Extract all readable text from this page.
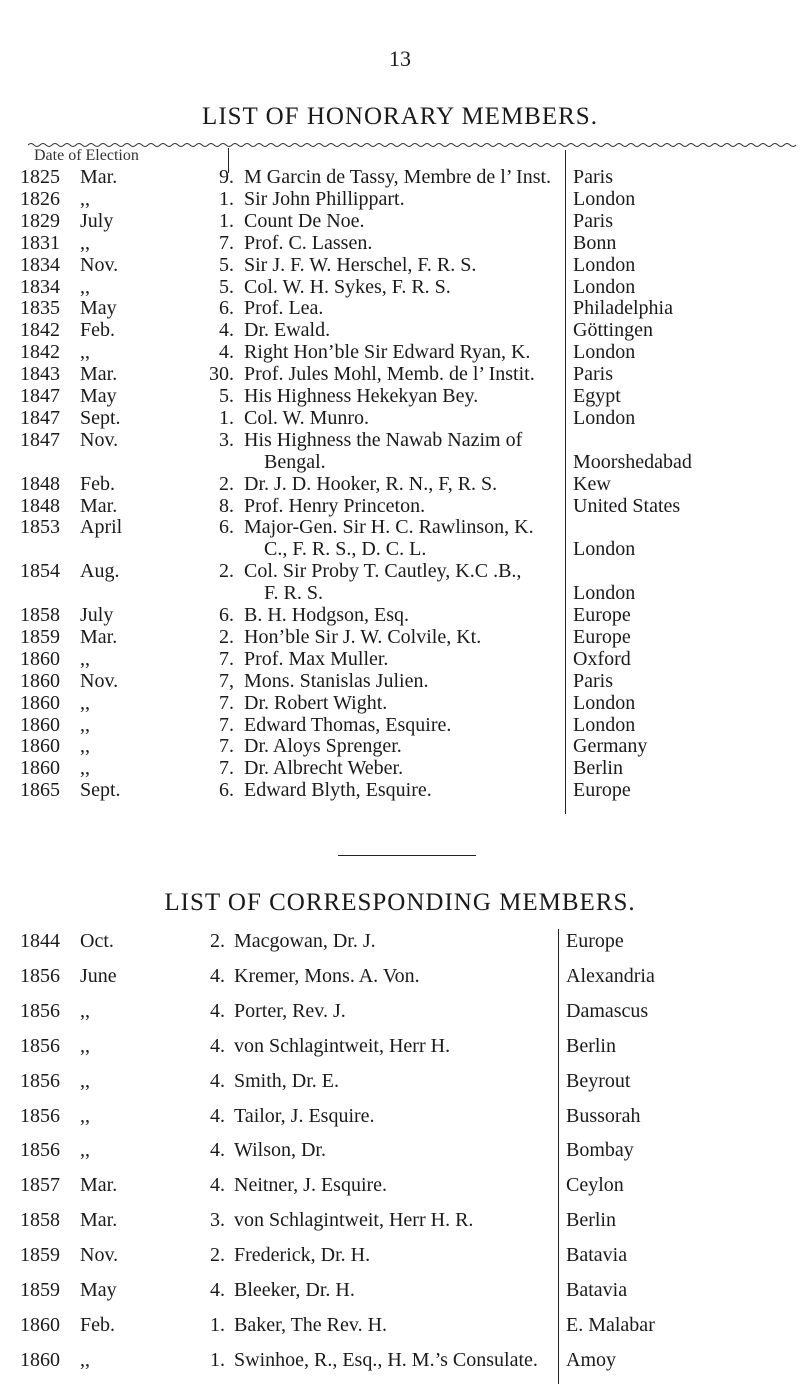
13
LIST OF HONORARY MEMBERS.
Date of Election
1825 Mar.	9. M Garcin de Tassy, Membre de l’ Inst. Paris
1826 ,,	1. Sir John Phillippart.	London
1829 July	1. Count De Noe.	Paris
1831 ,,	7. Prof. C. Lassen.	Bonn
1834 Nov.	5. Sir J. F. W. Herschel, F. R. S.	London
1834 ,,	5. Col. W. H. Sykes, F. R. S.	London
1835 May	6. Prof. Lea.	Philadelphia
1842 Feb.	4. Dr. Ewald.	Göttingen
1842 ,,	4. Right Hon’ble Sir Edward Ryan, K. London
1843 Mar.	30. Prof. Jules Mohl, Memb. de l’ Instit. Paris
1847 May	5. His Highness Hekekyan Bey.	Egypt
1847 Sept.	1. Col. W. Munro.	London
1847 Nov.	3. His Highness the Nawab Nazim of
Bengal.	Moorshedabad
1848 Feb.	2. Dr. J. D. Hooker, R. N., F, R. S.	Kew
1848 Mar.	8. Prof. Henry Princeton.	United States
1853 April	6. Major-Gen. Sir H. C. Rawlinson, K.
C., F. R. S., D. C. L.	London
1854 Aug.	2. Col. Sir Proby T. Cautley, K.C .B.,
F. R. S.	London
1858 July	6. B. H. Hodgson, Esq.	Europe
1859 Mar.	2. Hon’ble Sir J. W. Colvile, Kt.	Europe
1860 ,,	7. Prof. Max Muller.	Oxford
1860 Nov.	7, Mons. Stanislas Julien.	Paris
1860 ,,	7. Dr. Robert Wight.	London
1860 ,,	7. Edward Thomas, Esquire.	London
1860 ,,	7. Dr. Aloys Sprenger.	Germany
1860 ,,	7. Dr. Albrecht Weber.	Berlin
1865 Sept.	6. Edward Blyth, Esquire.	Europe
LIST OF CORRESPONDING MEMBERS.
1844 Oct.	2. Macgowan, Dr. J.	Europe
1856 June	4. Kremer, Mons. A. Von.	Alexandria
1856 ,,	4. Porter, Rev. J.	Damascus
1856 ,,	4. von Schlagintweit, Herr H.	Berlin
1856 ,,	4. Smith, Dr. E.	Beyrout
1856 ,,	4. Tailor, J. Esquire.	Bussorah
1856 ,,	4. Wilson, Dr.	Bombay
1857 Mar.	4. Neitner, J. Esquire.	Ceylon
1858 Mar.	3. von Schlagintweit, Herr H. R.	Berlin
1859 Nov.	2. Frederick, Dr. H.	Batavia
1859 May	4. Bleeker, Dr. H.	Batavia
1860 Feb.	1. Baker, The Rev. H.	E. Malabar
1860 ,,	1. Swinhoe, R., Esq., H. M.’s Consulate. Amoy
